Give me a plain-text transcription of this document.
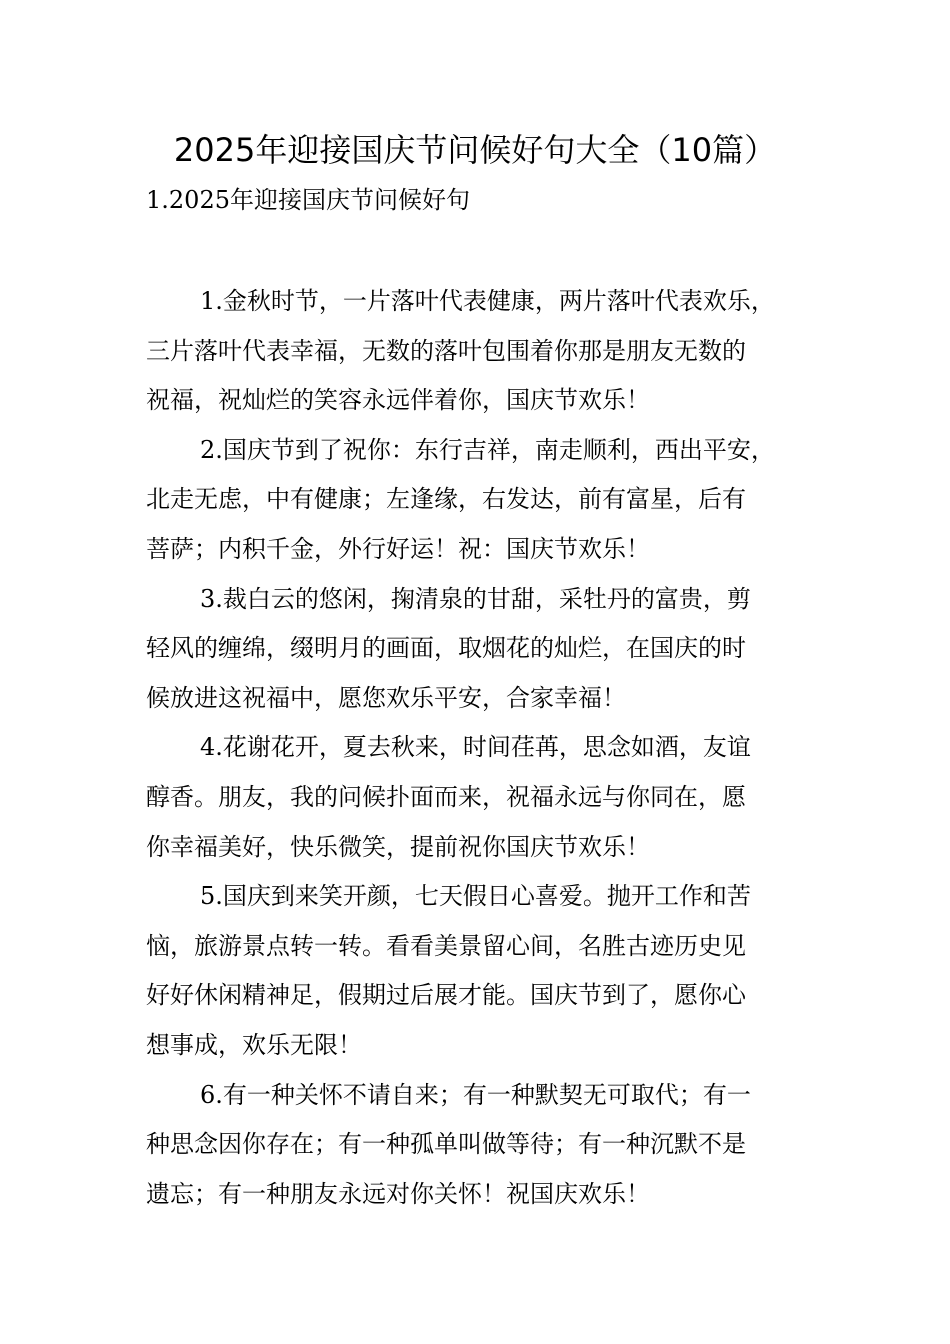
2025年迎接国庆节问候好句大全（10篇）
1.2025年迎接国庆节问候好句

1.金秋时节，一片落叶代表健康，两片落叶代表欢乐，
三片落叶代表幸福，无数的落叶包围着你那是朋友无数的
祝福，祝灿烂的笑容永远伴着你，国庆节欢乐！

2.国庆节到了祝你：东行吉祥，南走顺利，西出平安，
北走无虑，中有健康；左逢缘，右发达，前有富星，后有
菩萨；内积千金，外行好运！祝：国庆节欢乐！

3.裁白云的悠闲，掬清泉的甘甜，采牡丹的富贵，剪
轻风的缠绵，缀明月的画面，取烟花的灿烂，在国庆的时
候放进这祝福中，愿您欢乐平安，合家幸福！

4.花谢花开，夏去秋来，时间荏苒，思念如酒，友谊
醇香。朋友，我的问候扑面而来，祝福永远与你同在，愿
你幸福美好，快乐微笑，提前祝你国庆节欢乐！

5.国庆到来笑开颜，七天假日心喜爱。抛开工作和苦
恼，旅游景点转一转。看看美景留心间，名胜古迹历史见
好好休闲精神足，假期过后展才能。国庆节到了，愿你心
想事成，欢乐无限！

6.有一种关怀不请自来；有一种默契无可取代；有一
种思念因你存在；有一种孤单叫做等待；有一种沉默不是
遗忘；有一种朋友永远对你关怀！祝国庆欢乐！
